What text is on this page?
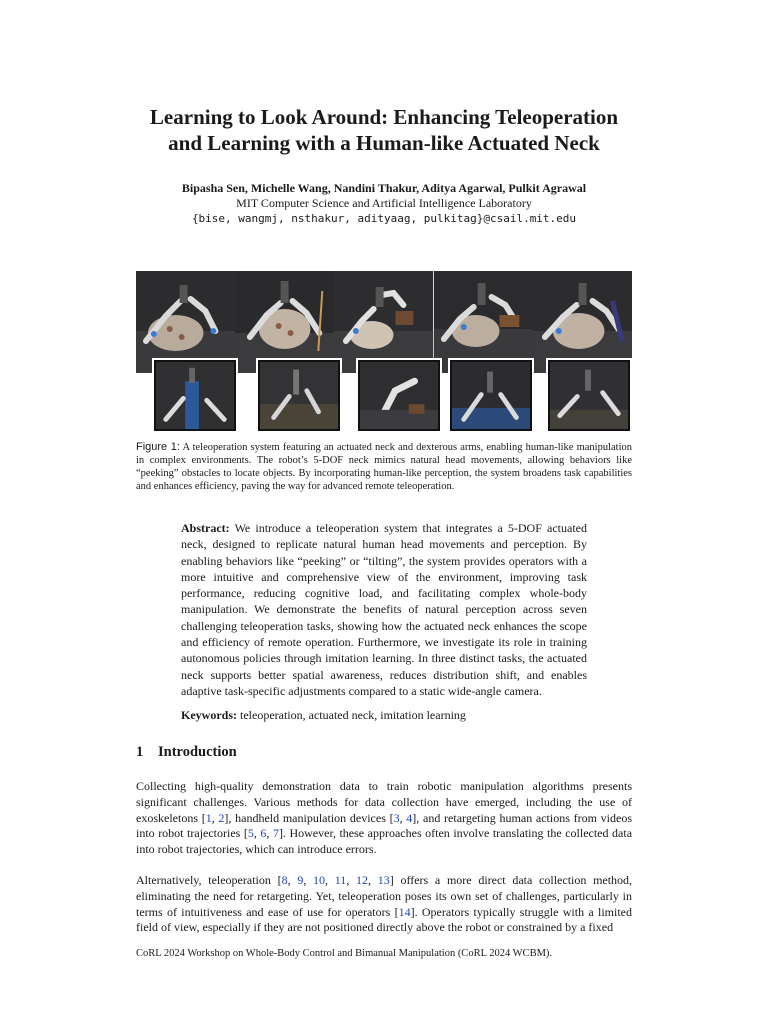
Learning to Look Around: Enhancing Teleoperation
and Learning with a Human-like Actuated Neck
Bipasha Sen, Michelle Wang, Nandini Thakur, Aditya Agarwal, Pulkit Agrawal
MIT Computer Science and Artificial Intelligence Laboratory
{bise, wangmj, nsthakur, adityaag, pulkitag}@csail.mit.edu

Figure 1: A teleoperation system featuring an actuated neck and dexterous arms, enabling human-like manipulation in complex environments. The robot’s 5-DOF neck mimics natural head movements, allowing behaviors like “peeking” obstacles to locate objects. By incorporating human-like perception, the system broadens task capabilities and enhances efficiency, paving the way for advanced remote teleoperation.

Abstract: We introduce a teleoperation system that integrates a 5-DOF actuated neck, designed to replicate natural human head movements and perception. By enabling behaviors like “peeking” or “tilting”, the system provides operators with a more intuitive and comprehensive view of the environment, improving task performance, reducing cognitive load, and facilitating complex whole-body manipulation. We demonstrate the benefits of natural perception across seven challenging teleoperation tasks, showing how the actuated neck enhances the scope and efficiency of remote operation. Furthermore, we investigate its role in training autonomous policies through imitation learning. In three distinct tasks, the actuated neck supports better spatial awareness, reduces distribution shift, and enables adaptive task-specific adjustments compared to a static wide-angle camera.

Keywords: teleoperation, actuated neck, imitation learning

1 Introduction

Collecting high-quality demonstration data to train robotic manipulation algorithms presents significant challenges. Various methods for data collection have emerged, including the use of exoskeletons [1, 2], handheld manipulation devices [3, 4], and retargeting human actions from videos into robot trajectories [5, 6, 7]. However, these approaches often involve translating the collected data into robot trajectories, which can introduce errors.

Alternatively, teleoperation [8, 9, 10, 11, 12, 13] offers a more direct data collection method, eliminating the need for retargeting. Yet, teleoperation poses its own set of challenges, particularly in terms of intuitiveness and ease of use for operators [14]. Operators typically struggle with a limited field of view, especially if they are not positioned directly above the robot or constrained by a fixed

CoRL 2024 Workshop on Whole-Body Control and Bimanual Manipulation (CoRL 2024 WCBM).
